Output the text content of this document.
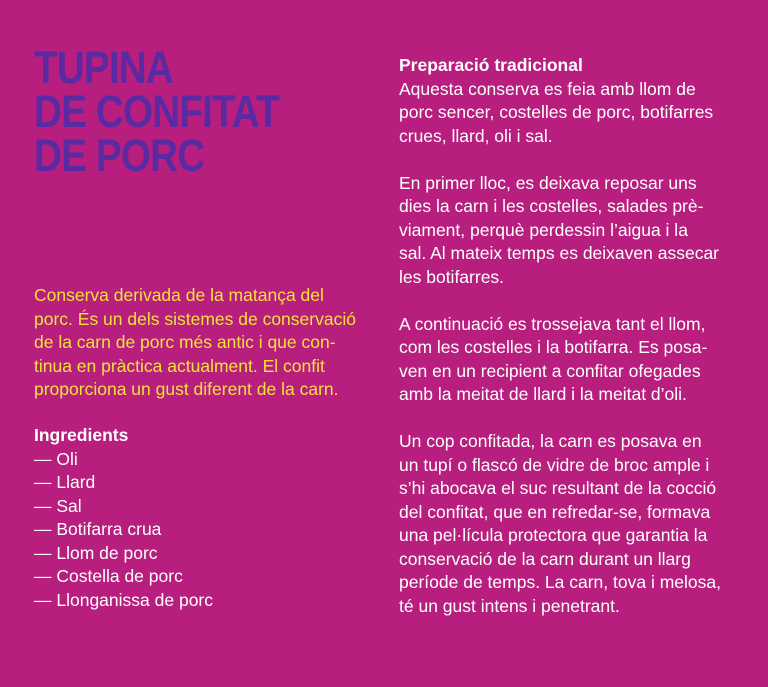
TUPINA
DE CONFITAT
DE PORC

Conserva derivada de la matança del
porc. És un dels sistemes de conservació
de la carn de porc més antic i que con-
tinua en pràctica actualment. El confit
proporciona un gust diferent de la carn.

Ingredients
— Oli
— Llard
— Sal
— Botifarra crua
— Llom de porc
— Costella de porc
— Llonganissa de porc
Preparació tradicional

Aquesta conserva es feia amb llom de
porc sencer, costelles de porc, botifarres
crues, llard, oli i sal.

En primer lloc, es deixava reposar uns
dies la carn i les costelles, salades prè-
viament, perquè perdessin l’aigua i la
sal. Al mateix temps es deixaven assecar
les botifarres.

A continuació es trossejava tant el llom,
com les costelles i la botifarra. Es posa-
ven en un recipient a confitar ofegades
amb la meitat de llard i la meitat d’oli.

Un cop confitada, la carn es posava en
un tupí o flascó de vidre de broc ample i
s’hi abocava el suc resultant de la cocció
del confitat, que en refredar-se, formava
una pel·lícula protectora que garantia la
conservació de la carn durant un llarg
període de temps. La carn, tova i melosa,
té un gust intens i penetrant.
